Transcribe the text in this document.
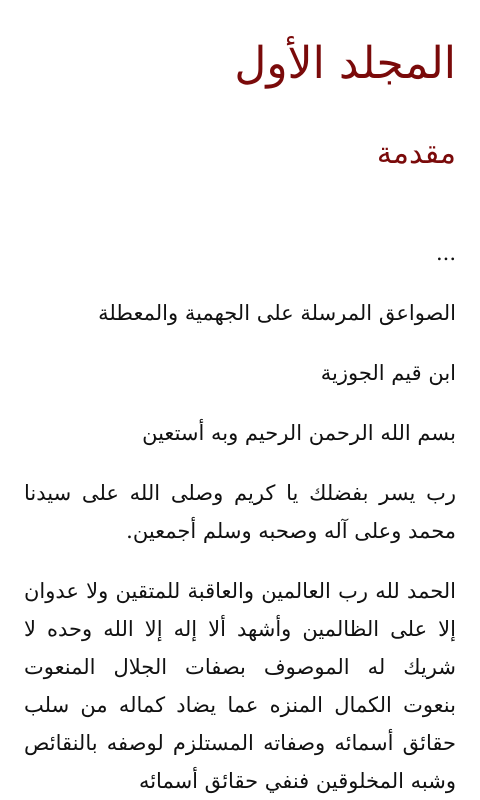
المجلد الأول
مقدمة

...

الصواعق المرسلة على الجهمية والمعطلة

ابن قيم الجوزية

بسم الله الرحمن الرحيم وبه أستعين

رب يسر بفضلك يا كريم وصلى الله على سيدنا محمد وعلى آله وصحبه وسلم أجمعين.

الحمد لله رب العالمين والعاقبة للمتقين ولا عدوان إلا على الظالمين وأشهد ألا إله إلا الله وحده لا شريك له الموصوف بصفات الجلال المنعوت بنعوت الكمال المنزه عما يضاد كماله من سلب حقائق أسمائه وصفاته المستلزم لوصفه بالنقائص وشبه المخلوقين فنفي حقائق أسمائه
